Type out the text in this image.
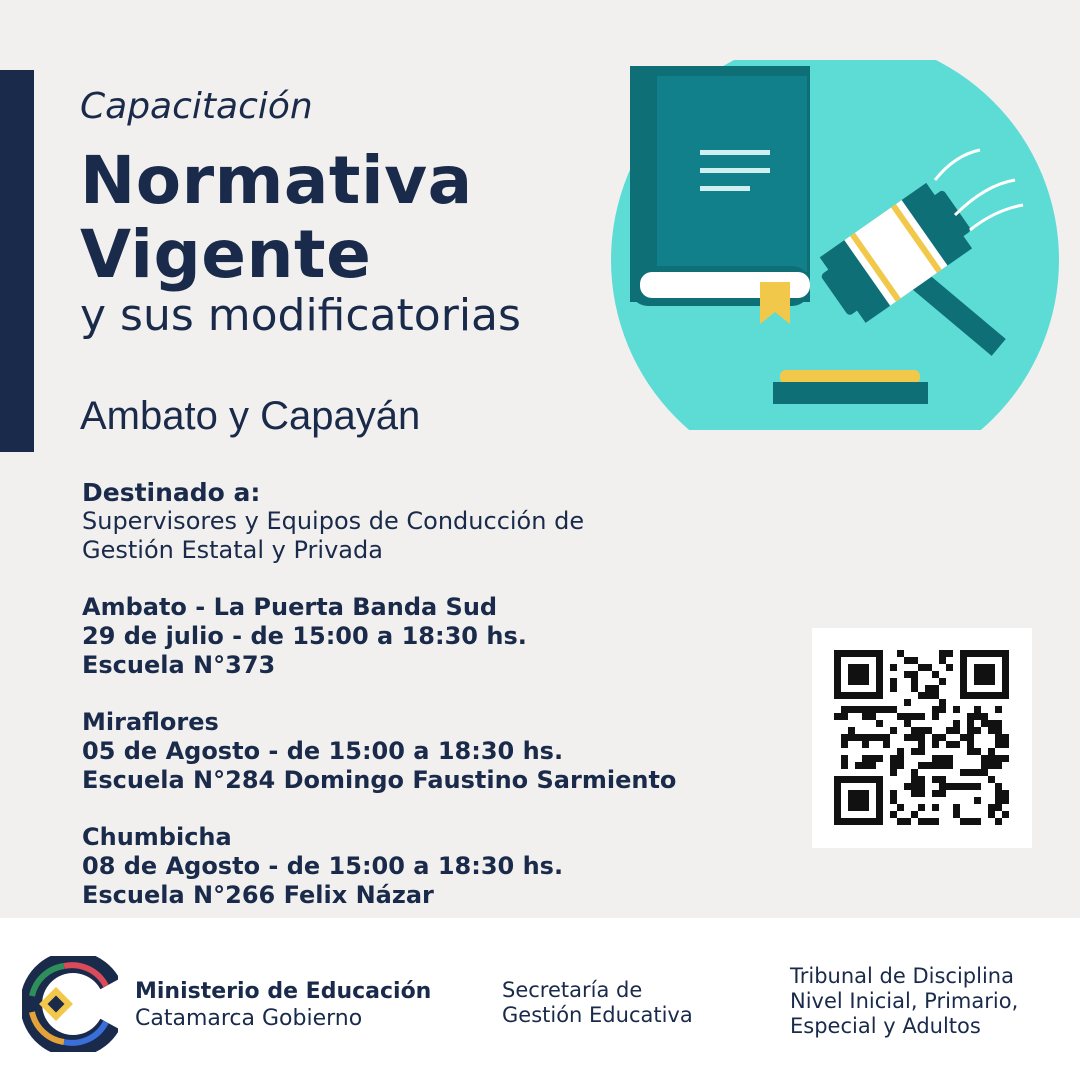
Capacitación
Normativa
Vigente
y sus modificatorias
Ambato y Capayán
Destinado a:
Supervisores y Equipos de Conducción de
Gestión Estatal y Privada
Ambato - La Puerta Banda Sud
29 de julio - de 15:00 a 18:30 hs.
Escuela N°373
Miraflores
05 de Agosto - de 15:00 a 18:30 hs.
Escuela N°284 Domingo Faustino Sarmiento
Chumbicha
08 de Agosto - de 15:00 a 18:30 hs.
Escuela N°266 Felix Názar
Ministerio de Educación
Catamarca Gobierno
Secretaría de
Gestión Educativa
Tribunal de Disciplina
Nivel Inicial, Primario,
Especial y Adultos
